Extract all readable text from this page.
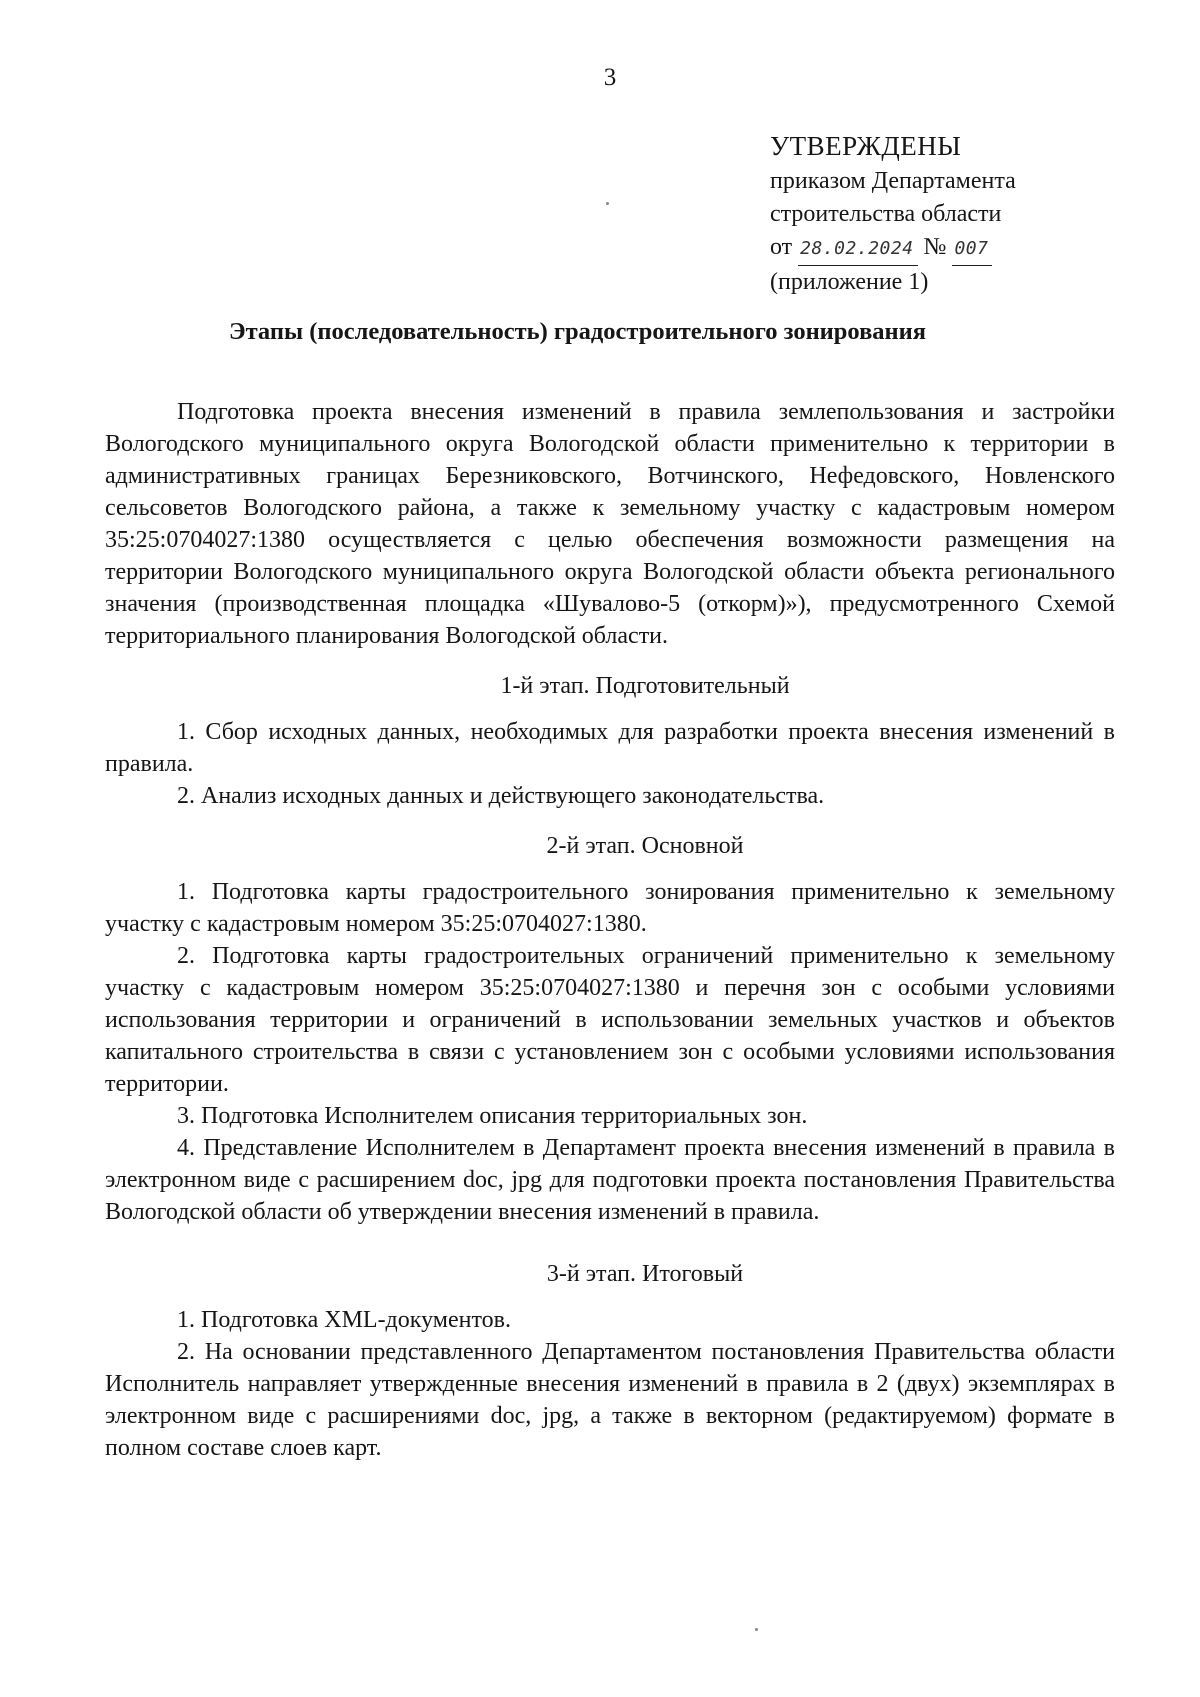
3
УТВЕРЖДЕНЫ
приказом Департамента
строительства области
от 28.02.2024 № 007
(приложение 1)
Этапы (последовательность) градостроительного зонирования

Подготовка проекта внесения изменений в правила землепользования и застройки Вологодского муниципального округа Вологодской области применительно к территории в административных границах Березниковского, Вотчинского, Нефедовского, Новленского сельсоветов Вологодского района, а также к земельному участку с кадастровым номером 35:25:0704027:1380 осуществляется с целью обеспечения возможности размещения на территории Вологодского муниципального округа Вологодской области объекта регионального значения (производственная площадка «Шувалово-5 (откорм)»), предусмотренного Схемой территориального планирования Вологодской области.

1-й этап. Подготовительный

1. Сбор исходных данных, необходимых для разработки проекта внесения изменений в правила.

2. Анализ исходных данных и действующего законодательства.

2-й этап. Основной

1. Подготовка карты градостроительного зонирования применительно к земельному участку с кадастровым номером 35:25:0704027:1380.

2. Подготовка карты градостроительных ограничений применительно к земельному участку с кадастровым номером 35:25:0704027:1380 и перечня зон с особыми условиями использования территории и ограничений в использовании земельных участков и объектов капитального строительства в связи с установлением зон с особыми условиями использования территории.

3. Подготовка Исполнителем описания территориальных зон.

4. Представление Исполнителем в Департамент проекта внесения изменений в правила в электронном виде с расширением doc, jpg для подготовки проекта постановления Правительства Вологодской области об утверждении внесения изменений в правила.

3-й этап. Итоговый

1. Подготовка XML-документов.

2. На основании представленного Департаментом постановления Правительства области Исполнитель направляет утвержденные внесения изменений в правила в 2 (двух) экземплярах в электронном виде с расширениями doc, jpg, а также в векторном (редактируемом) формате в полном составе слоев карт.
